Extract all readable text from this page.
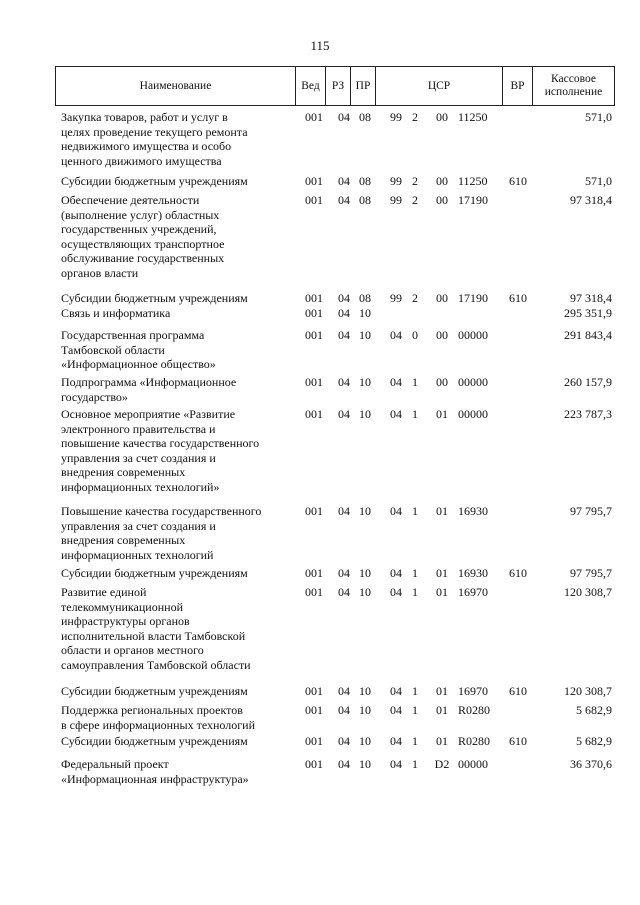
115
Наименование	Вед	РЗ ПР	ЦСР	ВР
Кассовое исполнение
Закупка товаров, работ и услуг в
целях проведение текущего ремонта
недвижимого имущества и особо
ценного движимого имущества
001	04 08	99 2	00 11250	571,0
Субсидии бюджетным учреждениям	001	04 08	99 2	00 11250	610	571,0
Обеспечение деятельности
(выполнение услуг) областных
государственных учреждений,
осуществляющих транспортное
обслуживание государственных
органов власти
001	04 08	99 2	00 17190	97 318,4
Субсидии бюджетным учреждениям	001	04 08	99 2	00 17190	610	97 318,4
Связь и информатика	001	04 10	295 351,9
Государственная программа
Тамбовской области
«Информационное общество»
001	04 10	04 0	00 00000	291 843,4
Подпрограмма «Информационное
государство»
001	04 10	04 1	00 00000	260 157,9
Основное мероприятие «Развитие
электронного правительства и
повышение качества государственного
управления за счет создания и
внедрения современных
информационных технологий»
001	04 10	04 1	01 00000	223 787,3
Повышение качества государственного
управления за счет создания и
внедрения современных
информационных технологий
001	04 10	04 1	01 16930	97 795,7
Субсидии бюджетным учреждениям	001	04 10	04 1	01 16930	610	97 795,7
Развитие единой
телекоммуникационной
инфраструктуры органов
исполнительной власти Тамбовской
области и органов местного
самоуправления Тамбовской области
001	04 10	04 1	01 16970	120 308,7
Субсидии бюджетным учреждениям	001	04 10	04 1	01 16970	610	120 308,7
Поддержка региональных проектов
в сфере информационных технологий
001	04 10	04 1	01 R0280	5 682,9
Субсидии бюджетным учреждениям	001	04 10	04 1	01 R0280	610	5 682,9
Федеральный проект
«Информационная инфраструктура»
001	04 10	04 1	D2 00000	36 370,6
